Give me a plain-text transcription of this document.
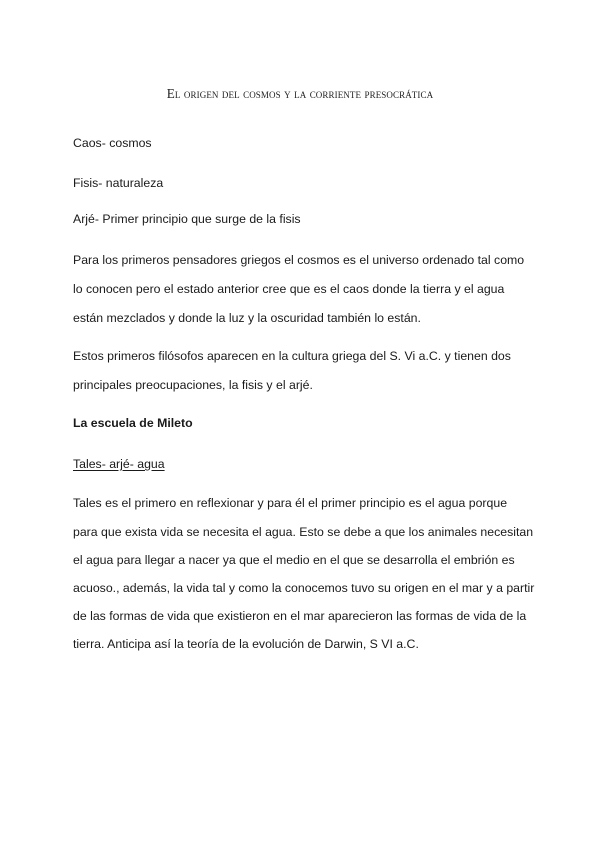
El origen del cosmos y la corriente presocrática
Caos- cosmos
Fisis- naturaleza
Arjé- Primer principio que surge de la fisis
Para los primeros pensadores griegos el cosmos es el universo ordenado tal como
lo conocen pero el estado anterior cree que es el caos donde la tierra y el agua
están mezclados y donde la luz y la oscuridad también lo están.
Estos primeros filósofos aparecen en la cultura griega del S. Vi a.C. y tienen dos
principales preocupaciones, la fisis y el arjé.
La escuela de Mileto
Tales- arjé- agua
Tales es el primero en reflexionar y para él el primer principio es el agua porque
para que exista vida se necesita el agua. Esto se debe a que los animales necesitan
el agua para llegar a nacer ya que el medio en el que se desarrolla el embrión es
acuoso., además, la vida tal y como la conocemos tuvo su origen en el mar y a partir
de las formas de vida que existieron en el mar aparecieron las formas de vida de la
tierra. Anticipa así la teoría de la evolución de Darwin, S VI a.C.
